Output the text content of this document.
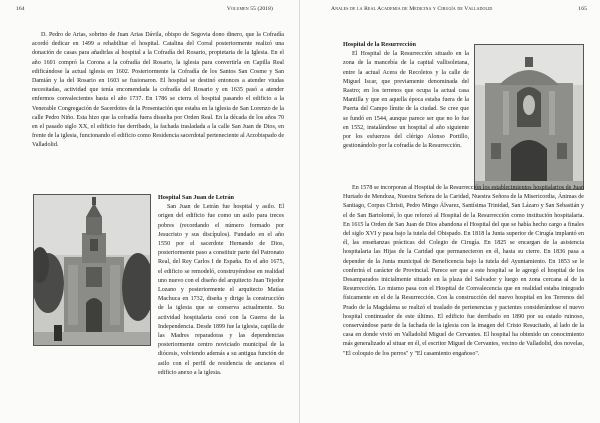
164	Volumen 55 (2018)

D. Pedro de Arias, sobrino de Juan Arias Dávila, obispo de Segovia dono dinero, que la Cofradía acordó dedicar en 1499 a rehabilitar el hospital. Catalina del Corral posteriormente realizó una donación de casas para añadirlas al hospital a la Cofradía del Rosario, propietaria de la Iglesia. En el año 1601 compró la Corona a la cofradía del Rosario, la iglesia para convertirla en Capilla Real edificándose la actual iglesia en 1602. Posteriormente la Cofradía de los Santos San Cosme y San Damián y la del Rosario en 1603 se fusionaron. El hospital se destinó entonces a atender viudas necesitadas, actividad que tenía encomendada la cofradía del Rosario y en 1635 pasó a atender enfermos convalecientes hasta el año 1737. En 1786 se cierra el hospital pasando el edificio a la Venerable Congregación de Sacerdotes de la Presentación que estaba en la iglesia de San Lorenzo de la calle Pedro Niño. Esta hizo que la cofradía fuera disuelta por Orden Real. En la década de los años 70 en el pasado siglo XX, el edificio fue derribado, la fachada trasladada a la calle San Juan de Dios, en frente de la iglesia, funcionando el edificio como Residencia sacerdotal perteneciente al Arzobispado de Valladolid.

Hospital San Juan de Letrán

San Juan de Letrán fue hospital y asilo. El origen del edificio fue como un asilo para treces pobres (recordando el número formado por Jesucristo y sus discípulos). Fundado en el año 1550 por el sacerdote Hernando de Dios, posteriormente paso a constituir parte del Patronato Real, del Rey Carlos I de España. En el año 1675, el edificio se remodeló, construyéndose en realidad uno nuevo con el diseño del arquitecto Juan Tejedor Lozano y posteriormente el arquitecto Matías Machuca en 1732, diseña y dirige la construcción de la iglesia que se conserva actualmente. Su actividad hospitalaria cesó con la Guerra de la Independencia. Desde 1899 fue la iglesia, capilla de las Madres reparadoras y las dependencias posteriormente centro noviciado municipal de la diócesis, volviendo además a su antigua función de asilo con el perfil de residencia de ancianos el edificio anexo a la iglesia.

Anales de la Real Academia de Medicina y Cirugía de Valladolid	165
Hospital de la Resurrección

El Hospital de la Resurrección situado en la zona de la mancebía de la capital vallisoletana, entre la actual Acera de Recoletos y la calle de Miguel Iscar, que previamente denominada del Rastro; en los terrenos que ocupa la actual casa Mantilla y que en aquella época estaba fuera de la Puerta del Campo límite de la ciudad. Se cree que se fundó en 1544, aunque parece ser que no lo fue en 1552, instalándose un hospital al año siguiente por los esfuerzos del clérigo Alonso Portillo, gestionándolo por la cofradía de la Resurrección.

En 1578 se incorporan al Hospital de la Resurrección los establecimientos hospitalarios de Juan Hurtado de Mendoza, Nuestra Señora de la Caridad, Nuestra Señora de la Misericordia, Ánimas de Santiago, Corpus Christi, Pedro Mingo Álvarez, Santísima Trinidad, San Lázaro y San Sebastián y el de San Bartolomé, lo que reforzó al Hospital de la Resurrección como institución hospitalaria. En 1615 la Orden de San Juan de Dios abandona el Hospital del que se había hecho cargo a finales del siglo XVI y pasa bajo la tutela del Obispado. En 1818 la Junta superior de Cirugía implantó en él, las enseñanzas prácticas del Colegio de Cirugía. En 1825 se encargan de la asistencia hospitalaria las Hijas de la Caridad que permanecieron en él, hasta su cierre. En 1836 pasa a depender de la Junta municipal de Beneficencia bajo la tutela del Ayuntamiento. En 1853 se le conferirá el carácter de Provincial. Parece ser que a este hospital se le agregó el hospital de los Desamparados inicialmente situado en la plaza del Salvador y luego en zona cercana al de la Resurrección. Lo mismo pasa con el Hospital de Convalecencia que en realidad estaba integrado físicamente en el de la Resurrección. Con la construcción del nuevo hospital en los Terrenos del Prado de la Magdalena se realizó el traslado de pertenencias y pacientes considerándose el nuevo hospital continuador de este último. El edificio fue derribado en 1890 por su estado ruinoso, conservándose parte de la fachada de la iglesia con la imagen del Cristo Resucitado, al lado de la casa en donde vivió en Valladolid Miguel de Cervantes. El hospital ha obtenido un conocimiento más generalizado al situar en él, el escritor Miguel de Cervantes, vecino de Valladolid, dos novelas, "El coloquio de los perros" y "El casamiento engañoso".
